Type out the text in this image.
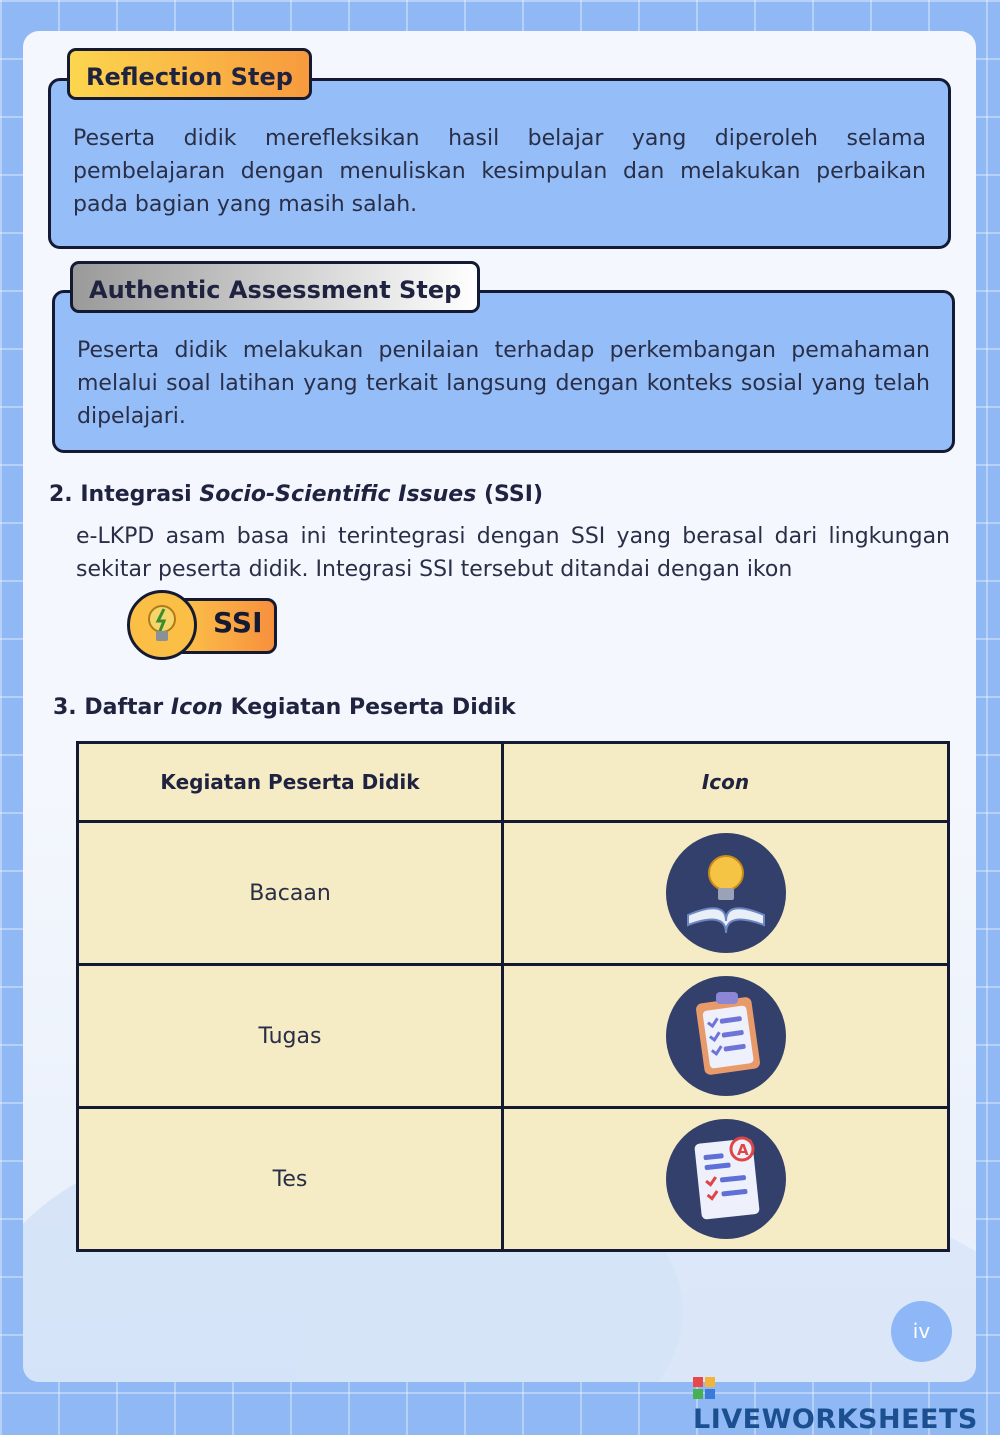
Reflection Step
Peserta didik merefleksikan hasil belajar yang diperoleh selama pembelajaran dengan menuliskan kesimpulan dan melakukan perbaikan pada bagian yang masih salah.
Authentic Assessment Step
Peserta didik melakukan penilaian terhadap perkembangan pemahaman melalui soal latihan yang terkait langsung dengan konteks sosial yang telah dipelajari.
2. Integrasi Socio-Scientific Issues (SSI)
e-LKPD asam basa ini terintegrasi dengan SSI yang berasal dari lingkungan sekitar peserta didik. Integrasi SSI tersebut ditandai dengan ikon
SSI
3. Daftar Icon Kegiatan Peserta Didik
Kegiatan Peserta Didik	Icon
Bacaan	
Tugas	
Tes	A
iv
LIVEWORKSHEETS
